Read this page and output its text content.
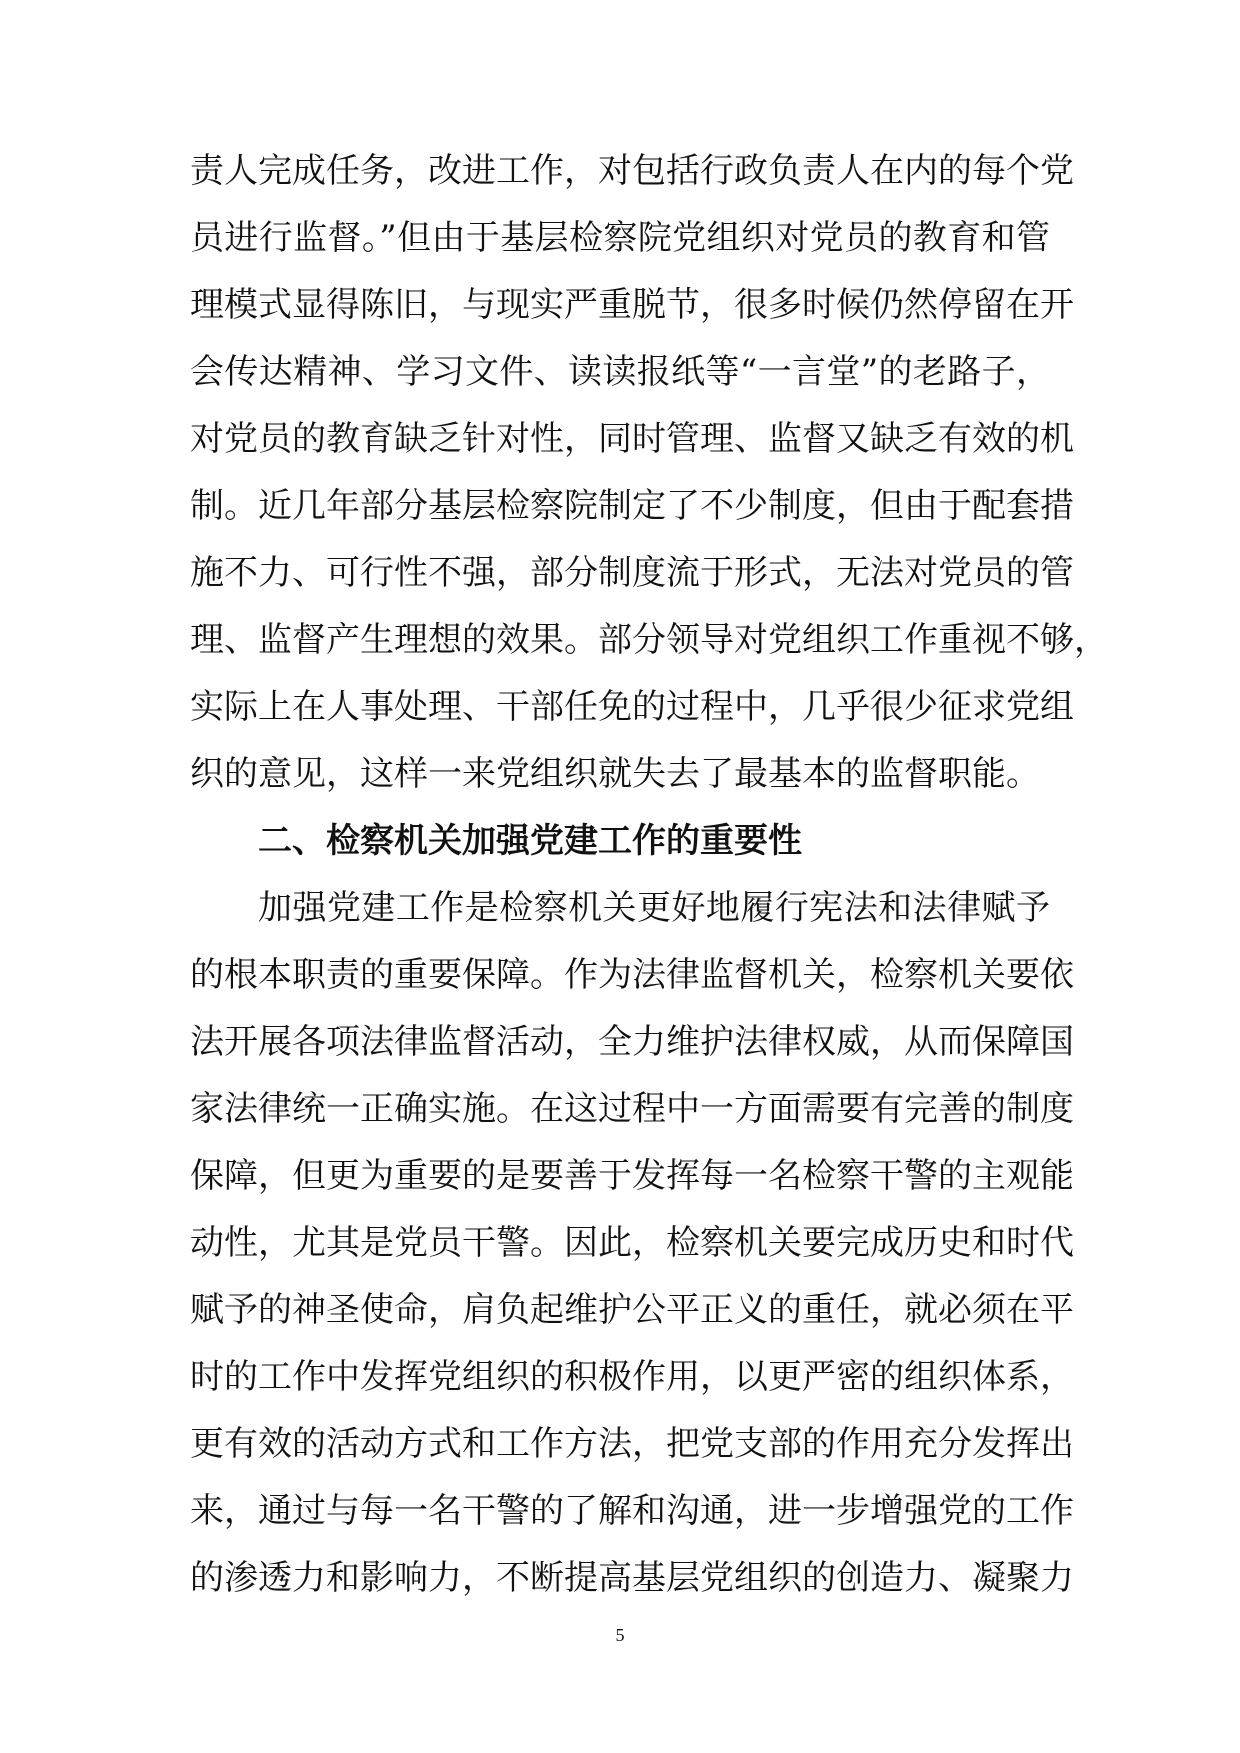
责人完成任务，改进工作，对包括行政负责人在内的每个党
员进行监督。”但由于基层检察院党组织对党员的教育和管
理模式显得陈旧，与现实严重脱节，很多时候仍然停留在开
会传达精神、学习文件、读读报纸等“一言堂”的老路子，
对党员的教育缺乏针对性，同时管理、监督又缺乏有效的机
制。近几年部分基层检察院制定了不少制度，但由于配套措
施不力、可行性不强，部分制度流于形式，无法对党员的管
理、监督产生理想的效果。部分领导对党组织工作重视不够，
实际上在人事处理、干部任免的过程中，几乎很少征求党组
织的意见，这样一来党组织就失去了最基本的监督职能。
二、检察机关加强党建工作的重要性
加强党建工作是检察机关更好地履行宪法和法律赋予
的根本职责的重要保障。作为法律监督机关，检察机关要依
法开展各项法律监督活动，全力维护法律权威，从而保障国
家法律统一正确实施。在这过程中一方面需要有完善的制度
保障，但更为重要的是要善于发挥每一名检察干警的主观能
动性，尤其是党员干警。因此，检察机关要完成历史和时代
赋予的神圣使命，肩负起维护公平正义的重任，就必须在平
时的工作中发挥党组织的积极作用，以更严密的组织体系，
更有效的活动方式和工作方法，把党支部的作用充分发挥出
5
来，通过与每一名干警的了解和沟通，进一步增强党的工作
的渗透力和影响力，不断提高基层党组织的创造力、凝聚力
